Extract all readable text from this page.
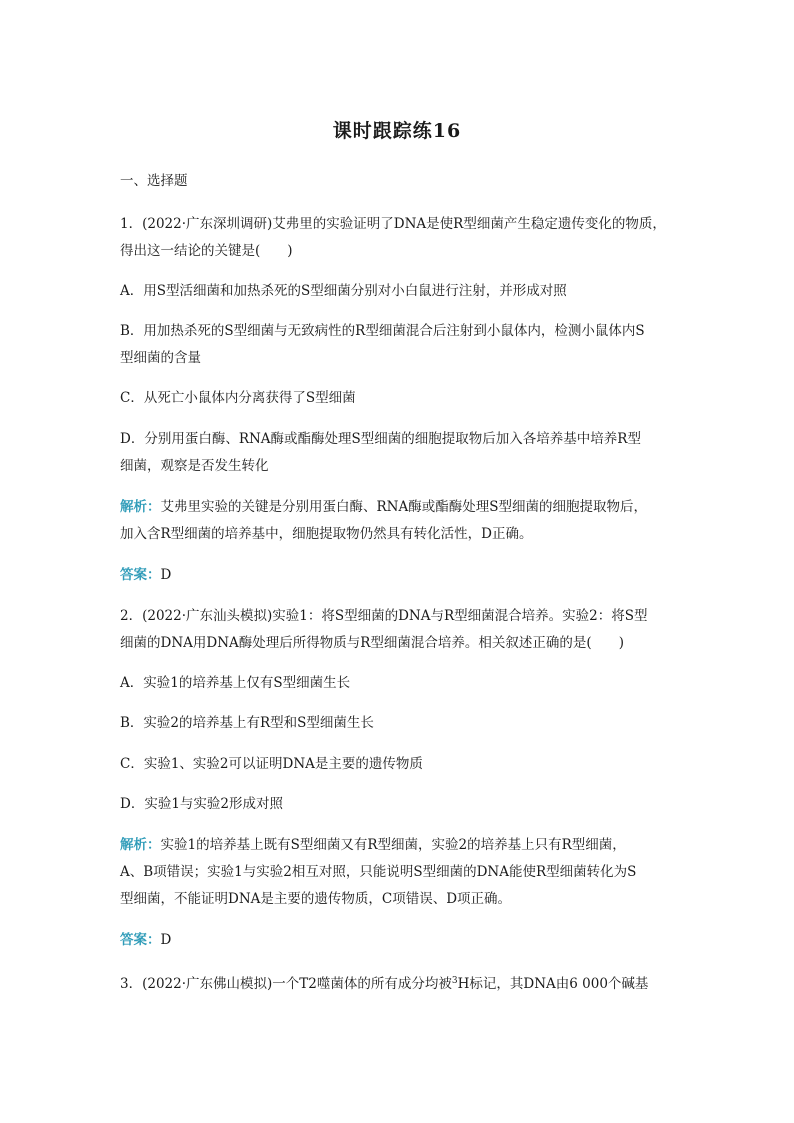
课时跟踪练16
一、选择题
1．(2022·广东深圳调研)艾弗里的实验证明了DNA是使R型细菌产生稳定遗传变化的物质，
得出这一结论的关键是(　　)
A．用S型活细菌和加热杀死的S型细菌分别对小白鼠进行注射，并形成对照
B．用加热杀死的S型细菌与无致病性的R型细菌混合后注射到小鼠体内，检测小鼠体内S
型细菌的含量
C．从死亡小鼠体内分离获得了S型细菌
D．分别用蛋白酶、RNA酶或酯酶处理S型细菌的细胞提取物后加入各培养基中培养R型
细菌，观察是否发生转化
解析：艾弗里实验的关键是分别用蛋白酶、RNA酶或酯酶处理S型细菌的细胞提取物后，
加入含R型细菌的培养基中，细胞提取物仍然具有转化活性，D正确。
答案：D
2．(2022·广东汕头模拟)实验1：将S型细菌的DNA与R型细菌混合培养。实验2：将S型
细菌的DNA用DNA酶处理后所得物质与R型细菌混合培养。相关叙述正确的是(　　)
A．实验1的培养基上仅有S型细菌生长
B．实验2的培养基上有R型和S型细菌生长
C．实验1、实验2可以证明DNA是主要的遗传物质
D．实验1与实验2形成对照
解析：实验1的培养基上既有S型细菌又有R型细菌，实验2的培养基上只有R型细菌，
A、B项错误；实验1与实验2相互对照，只能说明S型细菌的DNA能使R型细菌转化为S
型细菌，不能证明DNA是主要的遗传物质，C项错误、D项正确。
答案：D
3．(2022·广东佛山模拟)一个T2噬菌体的所有成分均被$^3$H标记，其DNA由6 000个碱基
